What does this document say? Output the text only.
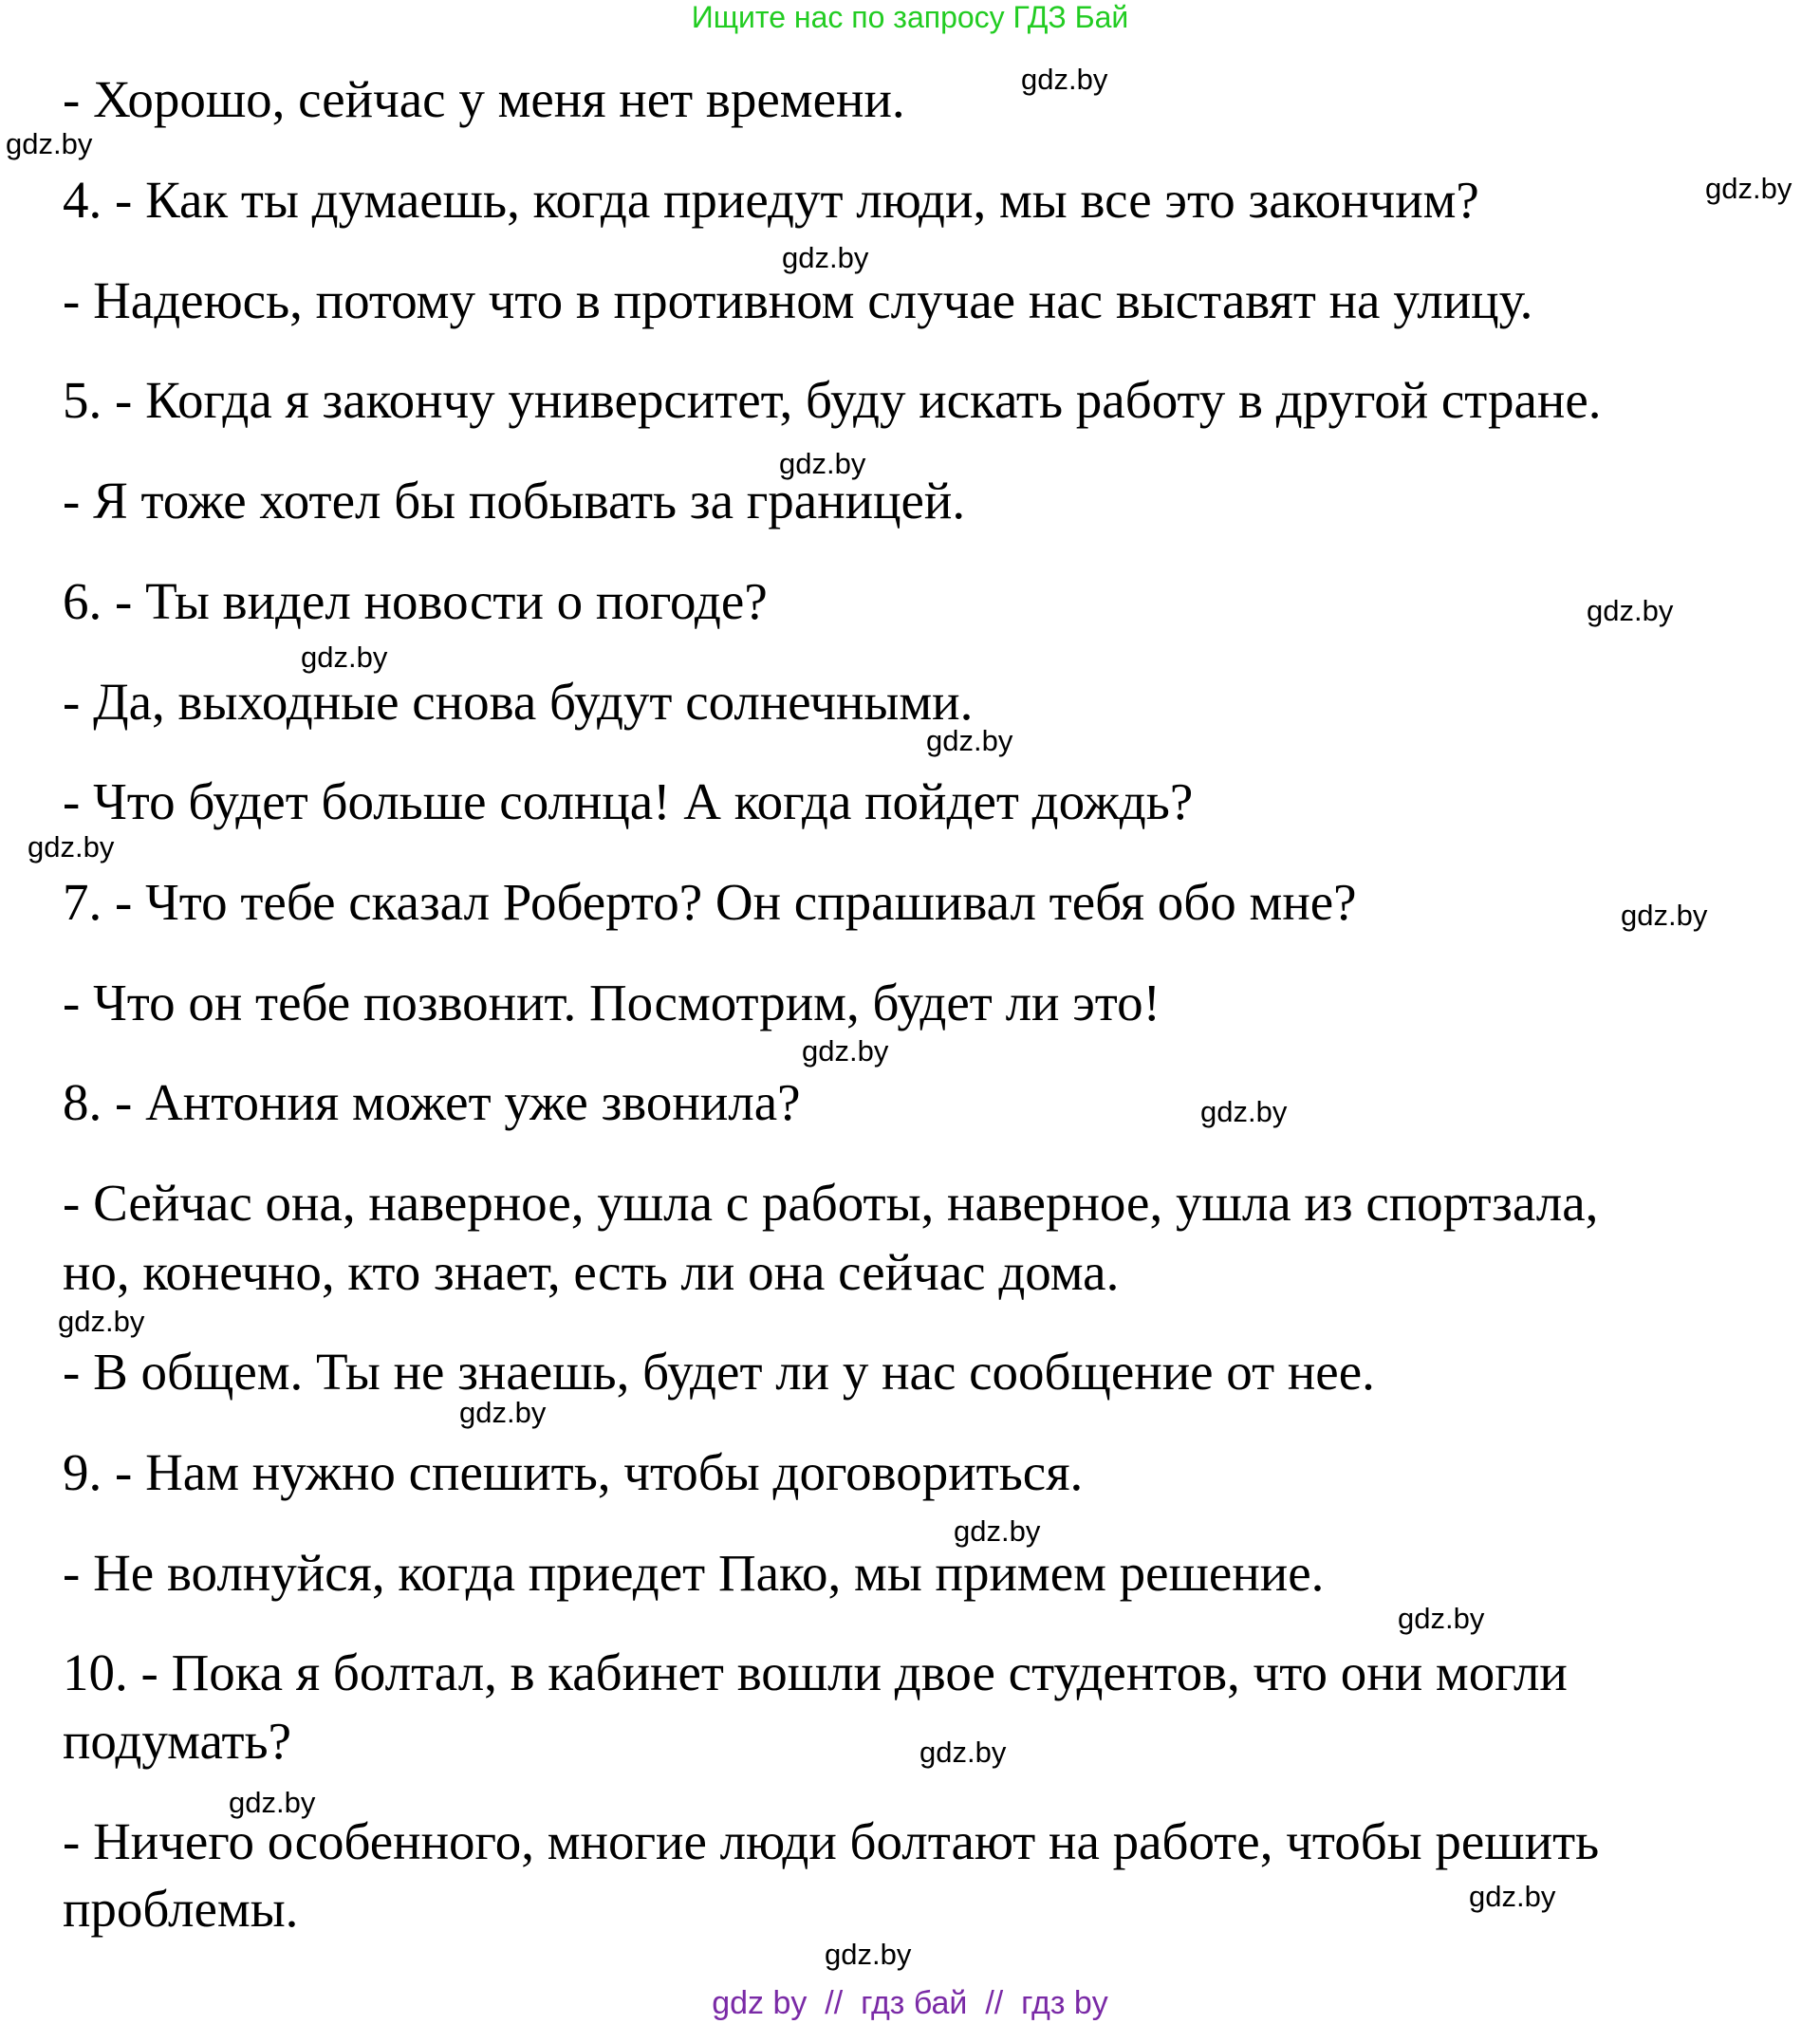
Ищите нас по запросу ГДЗ Бай
- Хорошо, сейчас у меня нет времени.
4. - Как ты думаешь, когда приедут люди, мы все это закончим?
- Надеюсь, потому что в противном случае нас выставят на улицу.
5. - Когда я закончу университет, буду искать работу в другой стране.
- Я тоже хотел бы побывать за границей.
6. - Ты видел новости о погоде?
- Да, выходные снова будут солнечными.
- Что будет больше солнца! А когда пойдет дождь?
7. - Что тебе сказал Роберто? Он спрашивал тебя обо мне?
- Что он тебе позвонит. Посмотрим, будет ли это!
8. - Антония может уже звонила?
- Сейчас она, наверное, ушла с работы, наверное, ушла из спортзала,
но, конечно, кто знает, есть ли она сейчас дома.
- В общем. Ты не знаешь, будет ли у нас сообщение от нее.
9. - Нам нужно спешить, чтобы договориться.
- Не волнуйся, когда приедет Пако, мы примем решение.
10. - Пока я болтал, в кабинет вошли двое студентов, что они могли
подумать?
- Ничего особенного, многие люди болтают на работе, чтобы решить
проблемы.
gdz.by
gdz.by
gdz.by
gdz.by
gdz.by
gdz.by
gdz.by
gdz.by
gdz.by
gdz.by
gdz.by
gdz.by
gdz.by
gdz.by
gdz.by
gdz.by
gdz.by
gdz.by
gdz.by
gdz.by
gdz by  //  гдз бай  //  гдз by
